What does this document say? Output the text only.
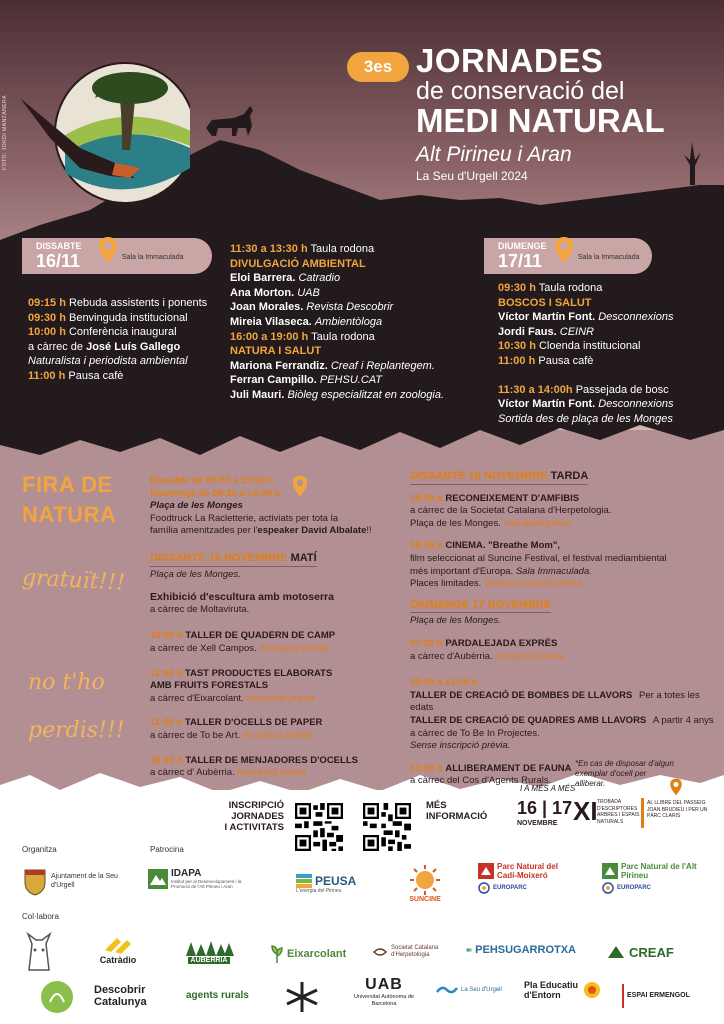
FOTO: JORDI MANZANERA
3es JORNADES
de conservació del
MEDI NATURAL
Alt Pirineu i Aran
La Seu d'Urgell 2024
DISSABTE
16/11	Sala la Immaculada
DIUMENGE
17/11	Sala la Immaculada
09:15 h Rebuda assistents i ponents
09:30 h Benvinguda institucional
10:00 h Conferència inaugural
a càrrec de José Luís Gallego
Naturalista i periodista ambiental
11:00 h Pausa cafè
11:30 a 13:30 h Taula rodona
DIVULGACIÓ AMBIENTAL
Eloi Barrera. Catradio
Ana Morton. UAB
Joan Morales. Revista Descobrir
Mireia Vilaseca. Ambientòloga
16:00 a 19:00 h Taula rodona
NATURA I SALUT
Mariona Ferrandiz. Creaf i Replantegem.
Ferran Campillo. PEHSU.CAT
Juli Mauri. Biòleg especialitzat en zoologia.
09:30 h Taula rodona
BOSCOS I SALUT
Víctor Martín Font. Desconnexions
Jordi Faus. CEINR
10:30 h Cloenda institucional
11:00 h Pausa cafè
11:30 a 14:00h Passejada de bosc
Víctor Martín Font. Desconnexions
Sortida des de plaça de les Monges
FIRA DE
NATURA
gratuït!!!
no t'ho
perdis!!!
Dissabte de 09:30 a 19:00 h
Diumenge de 09:30 a 14:00 h
Plaça de les Monges
Foodtruck La Racletterie, activiats per tota la
família amenitzades per l'espeaker David Albalate!!
DISSABTE 16 NOVEMBRE MATÍ
Plaça de les Monges.
Exhibició d'escultura amb motoserra
a càrrec de Moltaviruta.
10:00 h TALLER DE QUADERN DE CAMP
a càrrec de Xell Campos. Inscripció prèvia
11:00 h TAST PRODUCTES ELABORATS
AMB FRUITS FORESTALS
a càrrec d'Eixarcolant. Inscripció prèvia
11:30 h TALLER D'OCELLS DE PAPER
a càrrec de To be Art. Inscripció prèvia
16:00 h TALLER DE MENJADORES D'OCELLS
a càrrec d' Aubèrria. Inscripció prèvia
DISSABTE 16 NOVEMBRE TARDA
18:00 h RECONEIXEMENT D'AMFIBIS
a càrrec de la Societat Catalana d'Herpetologia.
Plaça de les Monges. Inscripció prèvia
19:15 h CINEMA. "Breathe Mom",
film seleccionat al Suncine Festival, el festival mediambiental
més important d'Europa. Sala Immaculada.
Places limitades. Sense inscripció prèvia.
DIUMENGE 17 NOVEMBRE
Plaça de les Monges.
07:30 h PARDALEJADA EXPRÉS
a càrrec d'Aubèrria. Inscripció prèvia.
10:00 a 14:00 h
TALLER DE CREACIÓ DE BOMBES DE LLAVORS Per a totes les edats
TALLER DE CREACIÓ DE QUADRES AMB LLAVORS A partir 4 anys
a càrrec de To Be In Projectes.
Sense inscripció prèvia.
12:00 h ALLIBERAMENT DE FAUNA
a càrrec del Cos d'Agents Rurals.
*En cas de disposar d'algun exemplar d'ocell per alliberar.
INSCRIPCIÓ
JORNADES
I ACTIVITATS
MÉS
INFORMACIÓ
I A MÉS A MÉS
16 | 17
NOVEMBRE XI TROBADA D'ESCRIPTORES ARBRES I ESPAIS NATURALS
AL LLIBRE DEL PASSEIG JOAN BRUDIEU I PER UN PÀRC CLARIS
Organitza	Patrocina
Col·labora
Ajuntament de la Seu d'Urgell
IDAPA
Institut per al Desenvolupament i la Promoció de l'Alt Pirineu i Aran	PEUSA
L'energia del Pirineu
SUNCINE
Parc Natural del Cadí-Moixeró
EUROPARC
Parc Natural de l'Alt Pirineu
EUROPARC
Catràdio	AUBÈRRIA
Eixarcolant	Societat Catalana d'Herpetologia	PEHSUGARROTXA	CREAF
Descobrir Catalunya
agents rurals
UAB
Universitat Autònoma de Barcelona
La Seu d'Urgell	Pla Educatiu d'Entorn	ESPAI ERMENGOL
